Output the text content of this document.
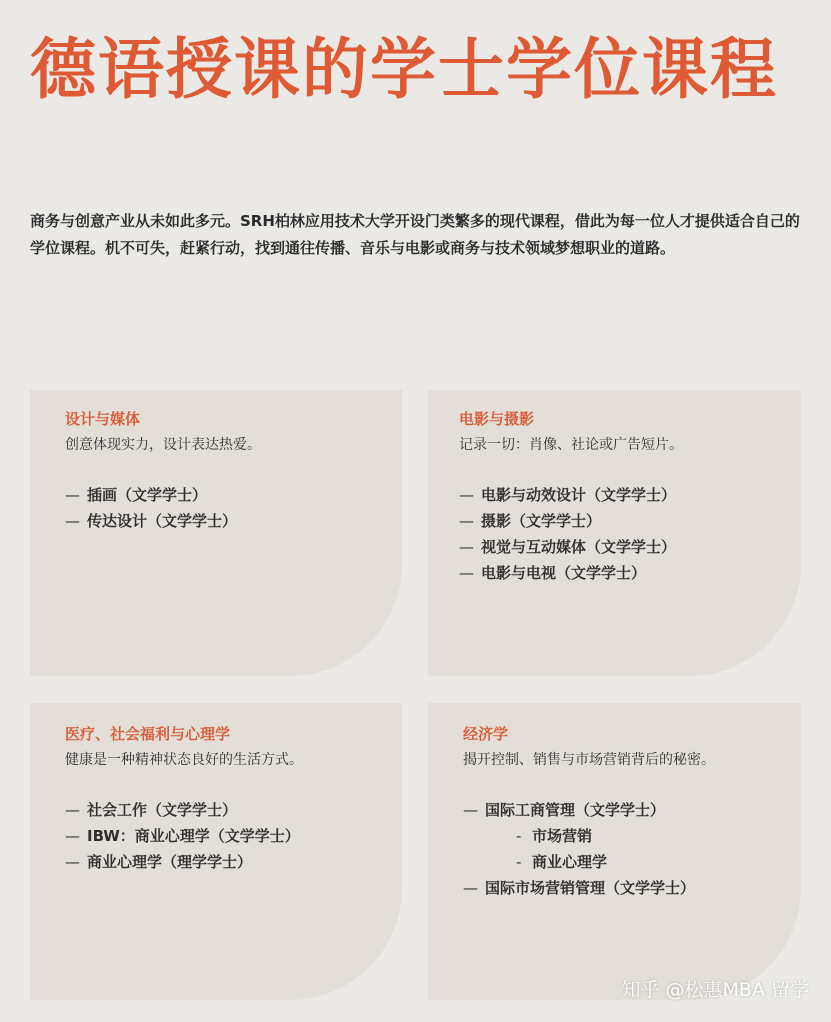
德语授课的学士学位课程
商务与创意产业从未如此多元。SRH柏林应用技术大学开设门类繁多的现代课程，借此为每一位人才提供适合自己的学位课程。机不可失，赶紧行动，找到通往传播、音乐与电影或商务与技术领域梦想职业的道路。
设计与媒体
创意体现实力，设计表达热爱。
— 插画（文学学士）
— 传达设计（文学学士）
电影与摄影
记录一切：肖像、社论或广告短片。
— 电影与动效设计（文学学士）
— 摄影（文学学士）
— 视觉与互动媒体（文学学士）
— 电影与电视（文学学士）
医疗、社会福利与心理学
健康是一种精神状态良好的生活方式。
— 社会工作（文学学士）
— IBW：商业心理学（文学学士）
— 商业心理学（理学学士）
经济学
揭开控制、销售与市场营销背后的秘密。
— 国际工商管理（文学学士）
- 市场营销
- 商业心理学
— 国际市场营销管理（文学学士）
知乎 @松惠MBA 留学
